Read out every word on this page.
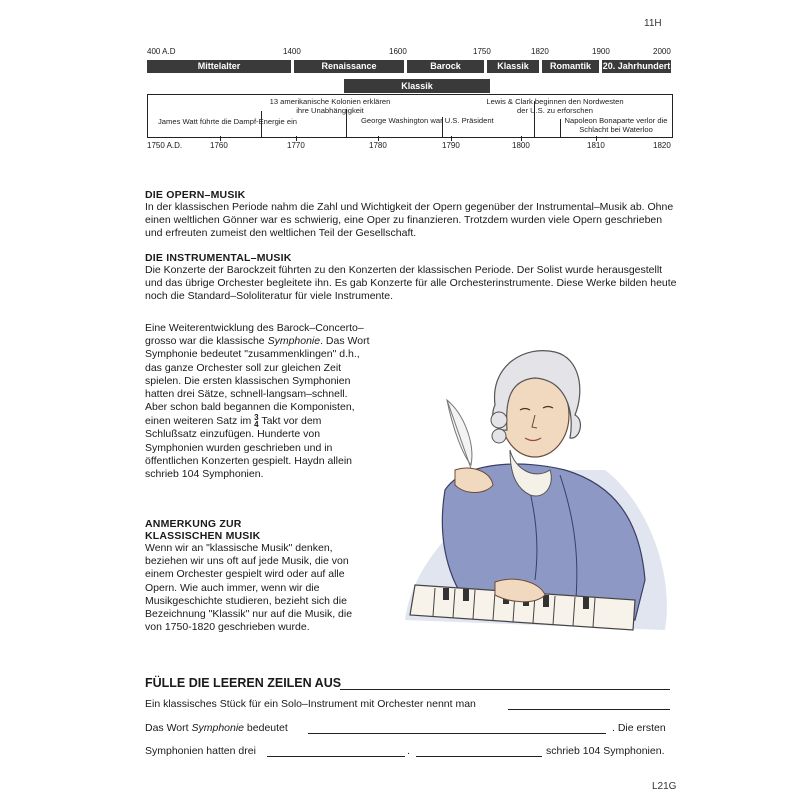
11H
400 A.D	1400	1600	1750	1820	1900	2000
Mittelalter	Renaissance	Barock	Klassik	Romantik	20. Jahrhundert
Klassik
James Watt führte die Dampf-Energie ein
13 amerikanische Kolonien erklären ihre Unabhängigkeit
George Washington war U.S. Präsident
Lewis & Clark beginnen den Nordwesten der U.S. zu erforschen
Napoleon Bonaparte verlor die Schlacht bei Waterloo
1750 A.D.	1760	1770	1780	1790	1800	1810	1820
DIE OPERN–MUSIK
In der klassischen Periode nahm die Zahl und Wichtigkeit der Opern gegenüber der Instrumental–Musik ab. Ohne einen weltlichen Gönner war es schwierig, eine Oper zu finanzieren. Trotzdem wurden viele Opern geschrieben und erfreuten zumeist den weltlichen Teil der Gesellschaft.
DIE INSTRUMENTAL–MUSIK
Die Konzerte der Barockzeit führten zu den Konzerten der klassischen Periode. Der Solist wurde herausgestellt und das übrige Orchester begleitete ihn. Es gab Konzerte für alle Orchesterinstrumente. Diese Werke bilden heute noch die Standard–Sololiteratur für viele Instrumente.
Eine Weiterentwicklung des Barock–Concerto–grosso war die klassische Symphonie. Das Wort Symphonie bedeutet "zusammenklingen" d.h., das ganze Orchester soll zur gleichen Zeit spielen. Die ersten klassischen Symphonien hatten drei Sätze, schnell-langsam–schnell. Aber schon bald begannen die Komponisten, einen weiteren Satz im 3
4 Takt vor dem Schlußsatz einzufügen. Hunderte von Symphonien wurden geschrieben und in öffentlichen Konzerten gespielt. Haydn allein schrieb 104 Symphonien.
ANMERKUNG ZUR
KLASSISCHEN MUSIK
Wenn wir an "klassische Musik" denken, beziehen wir uns oft auf jede Musik, die von einem Orchester gespielt wird oder auf alle Opern. Wie auch immer, wenn wir die Musikgeschichte studieren, bezieht sich die Bezeichnung "Klassik" nur auf die Musik, die von 1750-1820 geschrieben wurde.
FÜLLE DIE LEEREN ZEILEN AUS
Ein klassisches Stück für ein Solo–Instrument mit Orchester nennt man
Das Wort Symphonie bedeutet	. Die ersten
Symphonien hatten drei	.	schrieb 104 Symphonien.
L21G
